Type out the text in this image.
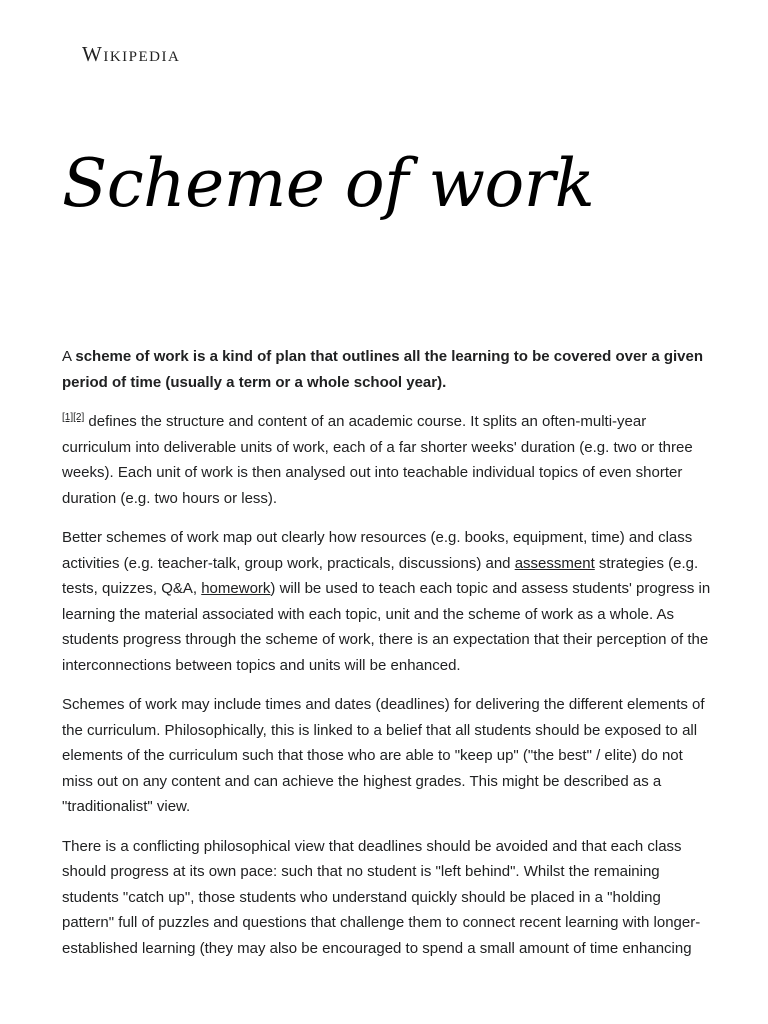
Wikipedia
Scheme of work

A scheme of work is a kind of plan that outlines all the learning to be covered over a given period of time (usually a term or a whole school year).

[1][2] defines the structure and content of an academic course. It splits an often-multi-year curriculum into deliverable units of work, each of a far shorter weeks' duration (e.g. two or three weeks). Each unit of work is then analysed out into teachable individual topics of even shorter duration (e.g. two hours or less).

Better schemes of work map out clearly how resources (e.g. books, equipment, time) and class activities (e.g. teacher-talk, group work, practicals, discussions) and assessment strategies (e.g. tests, quizzes, Q&A, homework) will be used to teach each topic and assess students' progress in learning the material associated with each topic, unit and the scheme of work as a whole. As students progress through the scheme of work, there is an expectation that their perception of the interconnections between topics and units will be enhanced.

Schemes of work may include times and dates (deadlines) for delivering the different elements of the curriculum. Philosophically, this is linked to a belief that all students should be exposed to all elements of the curriculum such that those who are able to "keep up" ("the best" / elite) do not miss out on any content and can achieve the highest grades. This might be described as a "traditionalist" view.

There is a conflicting philosophical view that deadlines should be avoided and that each class should progress at its own pace: such that no student is "left behind". Whilst the remaining students "catch up", those students who understand quickly should be placed in a "holding pattern" full of puzzles and questions that challenge them to connect recent learning with longer-established learning (they may also be encouraged to spend a small amount of time enhancing
